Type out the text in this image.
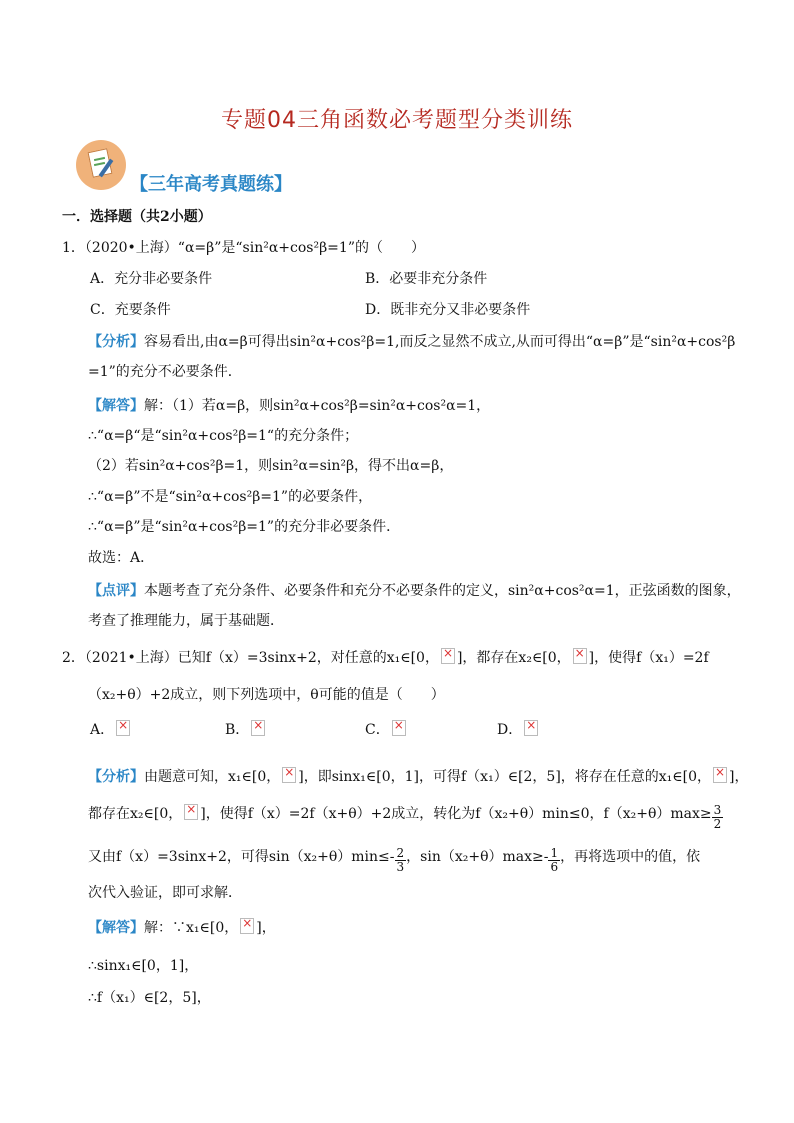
专题04三角函数必考题型分类训练
【三年高考真题练】
一．选择题（共2小题）
1．（2020•上海）“α=β”是“sin²α+cos²β=1”的（　　）
A．充分非必要条件	B．必要非充分条件
C．充要条件	D．既非充分又非必要条件
【分析】容易看出,由α=β可得出sin²α+cos²β=1,而反之显然不成立,从而可得出“α=β”是“sin²α+cos²β
=1”的充分不必要条件．
【解答】解：（1）若α=β，则sin²α+cos²β=sin²α+cos²α=1，
∴“α=β“是“sin²α+cos²β=1“的充分条件；
（2）若sin²α+cos²β=1，则sin²α=sin²β，得不出α=β，
∴“α=β”不是“sin²α+cos²β=1”的必要条件，
∴“α=β”是“sin²α+cos²β=1”的充分非必要条件．
故选：A．
【点评】本题考查了充分条件、必要条件和充分不必要条件的定义，sin²α+cos²α=1，正弦函数的图象，
考查了推理能力，属于基础题．
2．（2021•上海）已知f（x）=3sinx+2，对任意的x₁∈[0， × ]，都存在x₂∈[0， × ]，使得f（x₁）=2f
（x₂+θ）+2成立，则下列选项中，θ可能的值是（　　）
A． ×	B． ×	C． ×	D．×
【分析】由题意可知，x₁∈[0， × ]，即sinx₁∈[0，1]，可得f（x₁）∈[2，5]，将存在任意的x₁∈[0， × ]，
都存在x₂∈[0， × ]，使得f（x）=2f（x+θ）+2成立，转化为f（x₂+θ）min≤0，$f(x_2+\theta)\max\ge \frac{3}{2}$
又由f（x）=3sinx+2，可得$\sin(x_2+\theta)\min\le- \frac{2}{3}$ ，$\sin(x_2+\theta)\max\ge- \frac{1}{6}$ ，再将选项中的值，依
次代入验证，即可求解．
【解答】解：∵x₁∈[0， × ]，
∴sinx₁∈[0，1]，
∴f（x₁）∈[2，5]，
